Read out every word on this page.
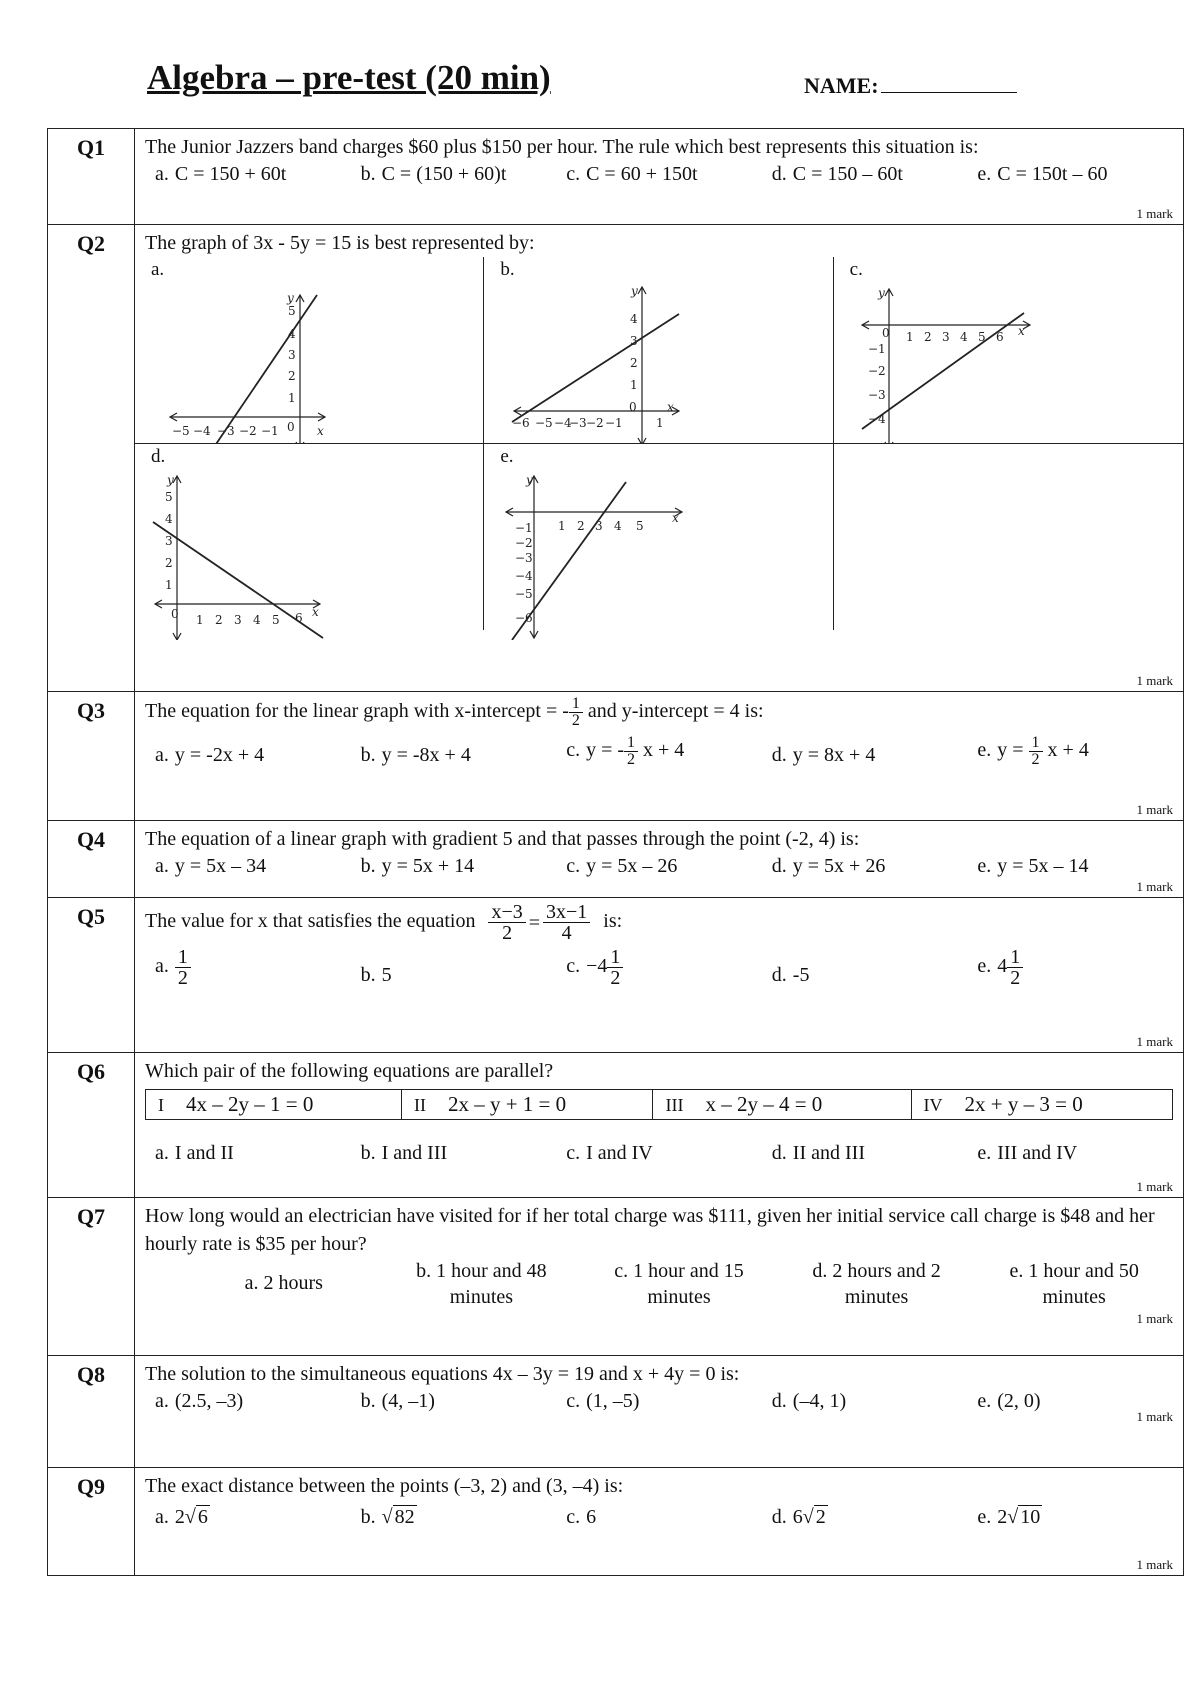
Algebra – pre-test (20 min)	NAME:
Q1	The Junior Jazzers band charges $60 plus $150 per hour. The rule which best represents this situation is:
a. C = 150 + 60t	b. C = (150 + 60)t	c. C = 60 + 150t	d. C = 150 – 60t	e. C = 150t – 60
1 mark

Q2	The graph of 3x - 5y = 15 is best represented by:
a.
−5 −4 −3 −2 −1 0 x
5
4
3
2
1
y
b.
−6 −5 −4
−3 −2 −1
0
1
x
4
3
2
1
y
c.
0 1 2 3 4 5 6 x
−1
−2
−3
−4
y
d.
0 1 2 3 4 5 6 x
5
4
3
2
1
y
e.
1 2 3 4 5
x
−1
−2
−3
−4
−5
−6
y
1 mark

Q3	The equation for the linear graph with x-intercept = - $\frac{1}{2}$ and y-intercept = 4 is:
a. y = -2x + 4	b. y = -8x + 4	c. y = - $\frac{1}{2}$ x + 4	d. y = 8x + 4	e. $y = \frac{1}{2}$ x + 4
1 mark

Q4	The equation of a linear graph with gradient 5 and that passes through the point (-2, 4) is:
a. y = 5x – 34	b. y = 5x + 14	c. y = 5x – 26	d. y = 5x + 26	e. y = 5x – 14
1 mark

Q5	The value for x that satisfies the equation $\frac{x-3}{2} = \frac{3x-1}{4}$ is:
a. $\frac{1}{2}$	b. 5	c. $-4 \frac{1}{2}$	d. -5	e. $4 \frac{1}{2}$
1 mark

Q6	Which pair of the following equations are parallel?
I 4x – 2y – 1 = 0	II 2x – y + 1 = 0	III x – 2y – 4 = 0	IV 2x + y – 3 = 0
a. I and II	b. I and III	c. I and IV	d. II and III	e. III and IV
1 mark

Q7	How long would an electrician have visited for if her total charge was $111, given her initial service call charge is $48 and her hourly rate is $35 per hour?
a. 2 hours
b. 1 hour and 48
minutes
c. 1 hour and 15
minutes
d. 2 hours and 2
minutes
e. 1 hour and 50
minutes
1 mark

Q8	The solution to the simultaneous equations 4x – 3y = 19 and x + 4y = 0 is:
a. (2.5, –3)	b. (4, –1)	c. (1, –5)	d. (–4, 1)	e. (2, 0)
1 mark

Q9	The exact distance between the points (–3, 2) and (3, –4) is:
a. 2√ 6	b. √ 82	c. 6	d. 6√ 2	e. 2√ 10
1 mark
